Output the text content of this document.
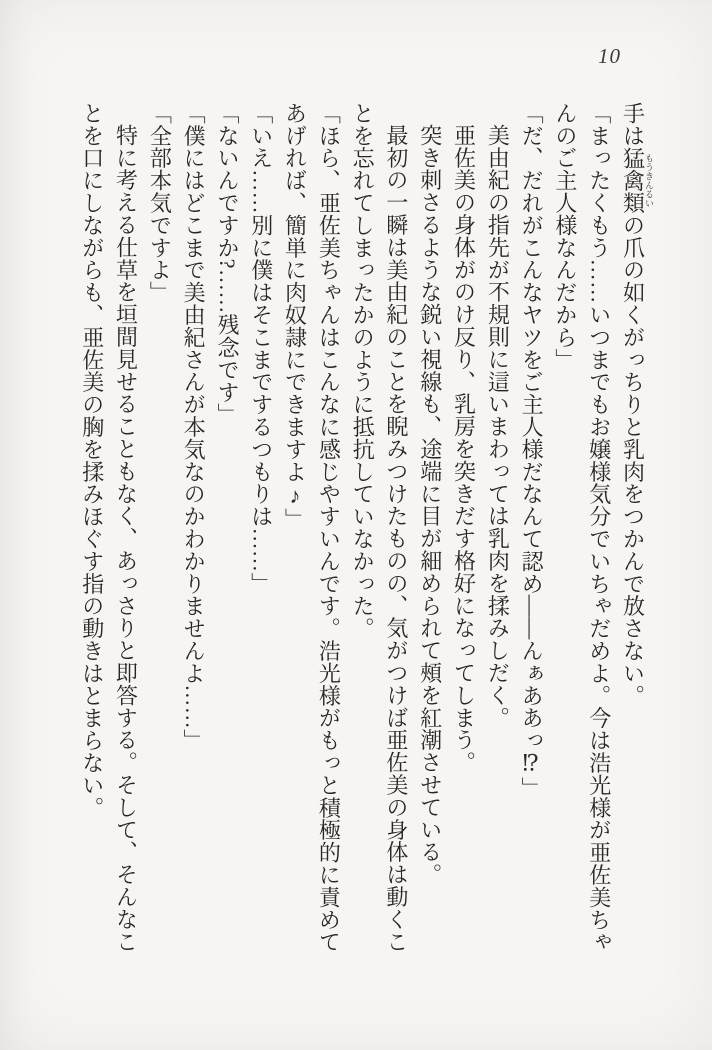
10

手は猛禽類もうきんるいの爪の如くがっちりと乳肉をつかんで放さない。

「まったくもう……いつまでもお嬢様気分でいちゃだめよ。今は浩光様が亜佐美ちゃんのご主人様なんだから」

「だ、だれがこんなヤツをご主人様だなんて認め――んぁああっ⁉」

美由紀の指先が不規則に這いまわっては乳肉を揉みしだく。

亜佐美の身体がのけ反り、乳房を突きだす格好になってしまう。

突き刺さるような鋭い視線も、途端に目が細められて頰を紅潮させている。

最初の一瞬は美由紀のことを睨みつけたものの、気がつけば亜佐美の身体は動くことを忘れてしまったかのように抵抗していなかった。

「ほら、亜佐美ちゃんはこんなに感じやすいんです。浩光様がもっと積極的に責めてあげれば、簡単に肉奴隷にできますよ♪」

「いえ……別に僕はそこまでするつもりは……」

「ないんですか?……残念です」

「僕にはどこまで美由紀さんが本気なのかわかりませんよ……」

「全部本気ですよ」

特に考える仕草を垣間見せることもなく、あっさりと即答する。そして、そんなことを口にしながらも、亜佐美の胸を揉みほぐす指の動きはとまらない。
